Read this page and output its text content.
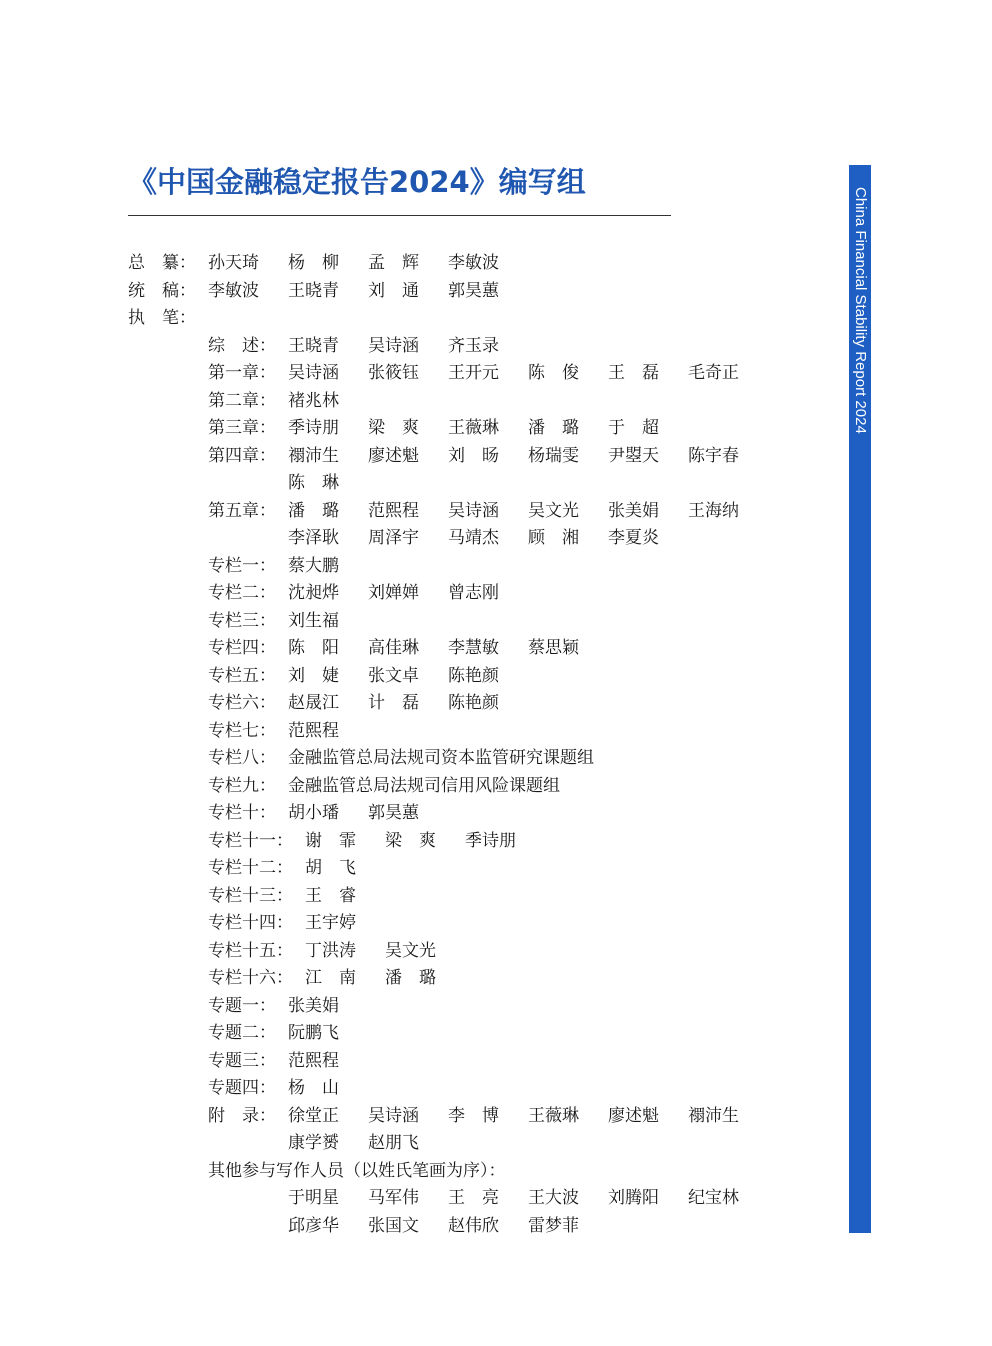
《中国金融稳定报告2024》编写组
China Financial Stability Report 2024
总　纂： 孙天琦	杨　柳	孟　辉	李敏波
统　稿： 李敏波	王晓青	刘　通	郭昊蕙
执　笔：
综　述： 王晓青	吴诗涵	齐玉录
第一章： 吴诗涵	张筱钰	王开元	陈　俊	王　磊	毛奇正
第二章： 褚兆林
第三章： 季诗朋	梁　爽	王薇琳	潘　璐	于　超
第四章： 禤沛生	廖述魁	刘　旸	杨瑞雯	尹曌天	陈宇春
陈　琳
第五章： 潘　璐	范熙程	吴诗涵	吴文光	张美娟	王海纳
李泽耿	周泽宇	马靖杰	顾　湘	李夏炎
专栏一： 蔡大鹏
专栏二： 沈昶烨	刘婵婵	曾志刚
专栏三： 刘生福
专栏四： 陈　阳	高佳琳	李慧敏	蔡思颖
专栏五： 刘　婕	张文卓	陈艳颜
专栏六： 赵晟江	计　磊	陈艳颜
专栏七： 范熙程
专栏八： 金融监管总局法规司资本监管研究课题组
专栏九： 金融监管总局法规司信用风险课题组
专栏十： 胡小璠	郭昊蕙
专栏十一： 谢　霏	梁　爽	季诗朋
专栏十二： 胡　飞
专栏十三： 王　睿
专栏十四： 王宇婷
专栏十五： 丁洪涛	吴文光
专栏十六： 江　南	潘　璐
专题一： 张美娟
专题二： 阮鹏飞
专题三： 范熙程
专题四： 杨　山
附　录： 徐堂正	吴诗涵	李　博	王薇琳	廖述魁	禤沛生
康学赟	赵朋飞
其他参与写作人员（以姓氏笔画为序）：
于明星	马军伟	王　亮	王大波	刘腾阳	纪宝林
邱彦华	张国文	赵伟欣	雷梦菲
